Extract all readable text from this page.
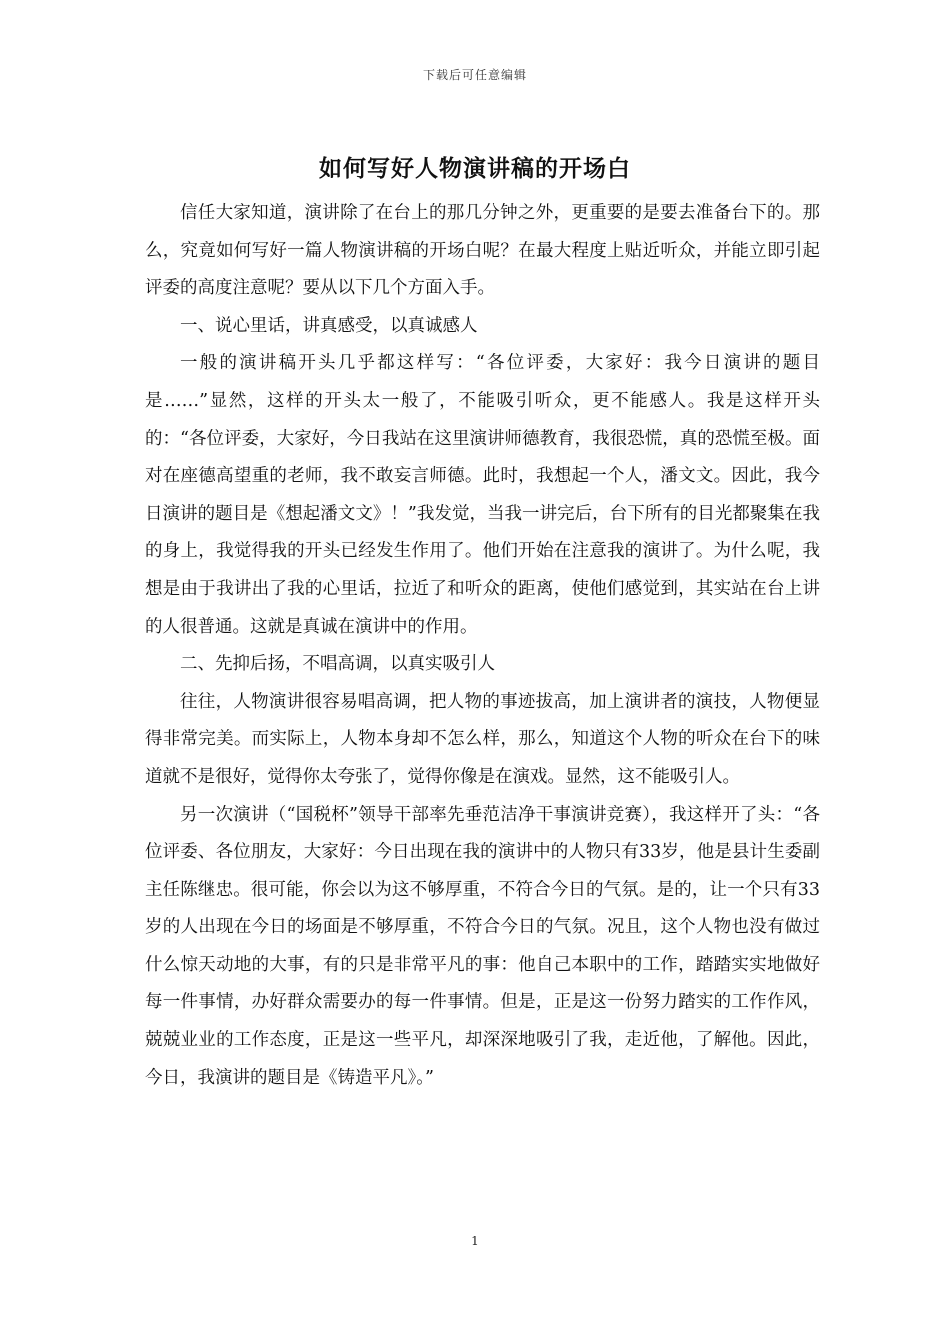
下载后可任意编辑
如何写好人物演讲稿的开场白

信任大家知道，演讲除了在台上的那几分钟之外，更重要的是要去准备台下的。那么，究竟如何写好一篇人物演讲稿的开场白呢？在最大程度上贴近听众，并能立即引起评委的高度注意呢？要从以下几个方面入手。

一、说心里话，讲真感受，以真诚感人

一般的演讲稿开头几乎都这样写：“各位评委，大家好：我今日演讲的题目是……”显然，这样的开头太一般了，不能吸引听众，更不能感人。我是这样开头的：“各位评委，大家好，今日我站在这里演讲师德教育，我很恐慌，真的恐慌至极。面对在座德高望重的老师，我不敢妄言师德。此时，我想起一个人，潘文文。因此，我今日演讲的题目是《想起潘文文》！”我发觉，当我一讲完后，台下所有的目光都聚集在我的身上，我觉得我的开头已经发生作用了。他们开始在注意我的演讲了。为什么呢，我想是由于我讲出了我的心里话，拉近了和听众的距离，使他们感觉到，其实站在台上讲的人很普通。这就是真诚在演讲中的作用。

二、先抑后扬，不唱高调，以真实吸引人

往往，人物演讲很容易唱高调，把人物的事迹拔高，加上演讲者的演技，人物便显得非常完美。而实际上，人物本身却不怎么样，那么，知道这个人物的听众在台下的味道就不是很好，觉得你太夸张了，觉得你像是在演戏。显然，这不能吸引人。

另一次演讲（“国税杯”领导干部率先垂范洁净干事演讲竞赛），我这样开了头：“各位评委、各位朋友，大家好：今日出现在我的演讲中的人物只有33岁，他是县计生委副主任陈继忠。很可能，你会以为这不够厚重，不符合今日的气氛。是的，让一个只有33岁的人出现在今日的场面是不够厚重，不符合今日的气氛。况且，这个人物也没有做过什么惊天动地的大事，有的只是非常平凡的事：他自己本职中的工作，踏踏实实地做好每一件事情，办好群众需要办的每一件事情。但是，正是这一份努力踏实的工作作风，兢兢业业的工作态度，正是这一些平凡，却深深地吸引了我，走近他，了解他。因此，今日，我演讲的题目是《铸造平凡》。”

1
